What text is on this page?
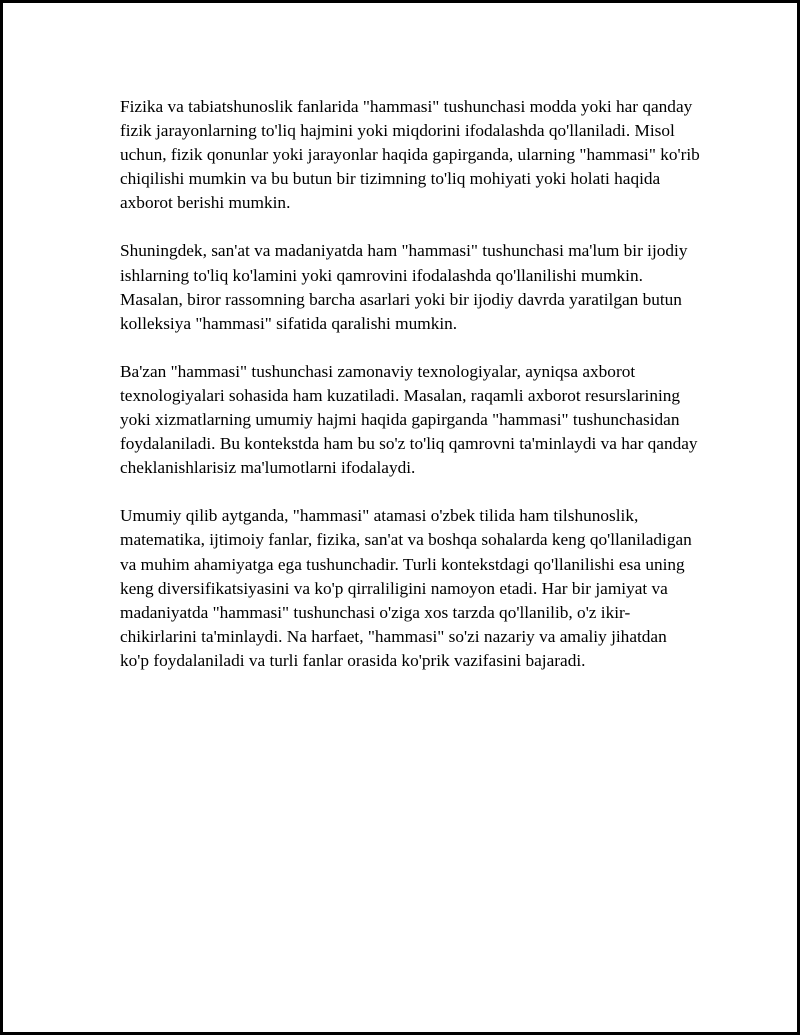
Fizika va tabiatshunoslik fanlarida "hammasi" tushunchasi modda yoki har qanday fizik jarayonlarning to'liq hajmini yoki miqdorini ifodalashda qo'llaniladi. Misol uchun, fizik qonunlar yoki jarayonlar haqida gapirganda, ularning "hammasi" ko'rib chiqilishi mumkin va bu butun bir tizimning to'liq mohiyati yoki holati haqida axborot berishi mumkin.

Shuningdek, san'at va madaniyatda ham "hammasi" tushunchasi ma'lum bir ijodiy ishlarning to'liq ko'lamini yoki qamrovini ifodalashda qo'llanilishi mumkin. Masalan, biror rassomning barcha asarlari yoki bir ijodiy davrda yaratilgan butun kolleksiya "hammasi" sifatida qaralishi mumkin.

Ba'zan "hammasi" tushunchasi zamonaviy texnologiyalar, ayniqsa axborot texnologiyalari sohasida ham kuzatiladi. Masalan, raqamli axborot resurslarining yoki xizmatlarning umumiy hajmi haqida gapirganda "hammasi" tushunchasidan foydalaniladi. Bu kontekstda ham bu so'z to'liq qamrovni ta'minlaydi va har qanday cheklanishlarisiz ma'lumotlarni ifodalaydi.

Umumiy qilib aytganda, "hammasi" atamasi o'zbek tilida ham tilshunoslik, matematika, ijtimoiy fanlar, fizika, san'at va boshqa sohalarda keng qo'llaniladigan va muhim ahamiyatga ega tushunchadir. Turli kontekstdagi qo'llanilishi esa uning keng diversifikatsiyasini va ko'p qirraliligini namoyon etadi. Har bir jamiyat va madaniyatda "hammasi" tushunchasi o'ziga xos tarzda qo'llanilib, o'z ikir-chikirlarini ta'minlaydi. Na harfaet, "hammasi" so'zi nazariy va amaliy jihatdan ko'p foydalaniladi va turli fanlar orasida ko'prik vazifasini bajaradi.
